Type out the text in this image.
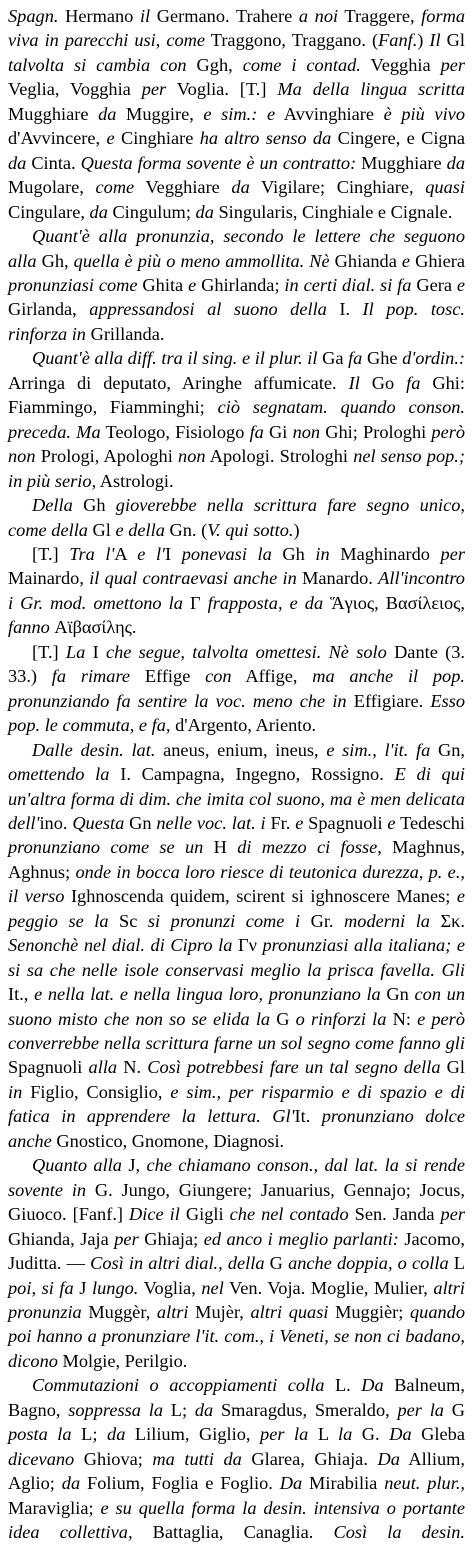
Spagn. Hermano il Germano. Trahere a noi Traggere, forma viva in parecchi usi, come Traggono, Traggano. (Fanf.) Il Gl talvolta si cambia con Ggh, come i contad. Vegghia per Veglia, Vogghia per Voglia. [T.] Ma della lingua scritta Mugghiare da Muggire, e sim.: e Avvinghiare è più vivo d'Avvincere, e Cinghiare ha altro senso da Cingere, e Cigna da Cinta. Questa forma sovente è un contratto: Mugghiare da Mugolare, come Vegghiare da Vigilare; Cinghiare, quasi Cingulare, da Cingulum; da Singularis, Cinghiale e Cignale.

Quant'è alla pronunzia, secondo le lettere che seguono alla Gh, quella è più o meno ammollita. Nè Ghianda e Ghiera pronunziasi come Ghita e Ghirlanda; in certi dial. si fa Gera e Girlanda, appressandosi al suono della I. Il pop. tosc. rinforza in Grillanda.

Quant'è alla diff. tra il sing. e il plur. il Ga fa Ghe d'ordin.: Arringa di deputato, Aringhe affumicate. Il Go fa Ghi: Fiammingo, Fiamminghi; ciò segnatam. quando conson. preceda. Ma Teologo, Fisiologo fa Gi non Ghi; Prologhi però non Prologi, Apologhi non Apologi. Strologhi nel senso pop.; in più serio, Astrologi.

Della Gh gioverebbe nella scrittura fare segno unico, come della Gl e della Gn. (V. qui sotto.)

[T.] Tra l'A e l'I ponevasi la Gh in Maghinardo per Mainardo, il qual contraevasi anche in Manardo. All'incontro i Gr. mod. omettono la Γ frapposta, e da Ἅγιος, Βασίλειος, fanno Αϊβασίλης.

[T.] La I che segue, talvolta omettesi. Nè solo Dante (3. 33.) fa rimare Effige con Affige, ma anche il pop. pronunziando fa sentire la voc. meno che in Effigiare. Esso pop. le commuta, e fa, d'Argento, Ariento.

Dalle desin. lat. aneus, enium, ineus, e sim., l'it. fa Gn, omettendo la I. Campagna, Ingegno, Rossigno. E di qui un'altra forma di dim. che imita col suono, ma è men delicata dell'ino. Questa Gn nelle voc. lat. i Fr. e Spagnuoli e Tedeschi pronunziano come se un H di mezzo ci fosse, Maghnus, Aghnus; onde in bocca loro riesce di teutonica durezza, p. e., il verso Ighnoscenda quidem, scirent si ighnoscere Manes; e peggio se la Sc si pronunzi come i Gr. moderni la Σκ. Senonchè nel dial. di Cipro la Γν pronunziasi alla italiana; e si sa che nelle isole conservasi meglio la prisca favella. Gli It., e nella lat. e nella lingua loro, pronunziano la Gn con un suono misto che non so se elida la G o rinforzi la N: e però converrebbe nella scrittura farne un sol segno come fanno gli Spagnuoli alla N. Così potrebbesi fare un tal segno della Gl in Figlio, Consiglio, e sim., per risparmio e di spazio e di fatica in apprendere la lettura. Gl'It. pronunziano dolce anche Gnostico, Gnomone, Diagnosi.

Quanto alla J, che chiamano conson., dal lat. la si rende sovente in G. Jungo, Giungere; Januarius, Gennajo; Jocus, Giuoco. [Fanf.] Dice il Gigli che nel contado Sen. Janda per Ghianda, Jaja per Ghiaja; ed anco i meglio parlanti: Jacomo, Juditta. — Così in altri dial., della G anche doppia, o colla L poi, si fa J lungo. Voglia, nel Ven. Voja. Moglie, Mulier, altri pronunzia Muggèr, altri Mujèr, altri quasi Muggièr; quando poi hanno a pronunziare l'it. com., i Veneti, se non ci badano, dicono Molgie, Perilgio.

Commutazioni o accoppiamenti colla L. Da Balneum, Bagno, soppressa la L; da Smaragdus, Smeraldo, per la G posta la L; da Lilium, Giglio, per la L la G. Da Gleba dicevano Ghiova; ma tutti da Glarea, Ghiaja. Da Allium, Aglio; da Folium, Foglia e Foglio. Da Mirabilia neut. plur., Maraviglia; e su quella forma la desin. intensiva o portante idea collettiva, Battaglia, Canaglia. Così la desin.
